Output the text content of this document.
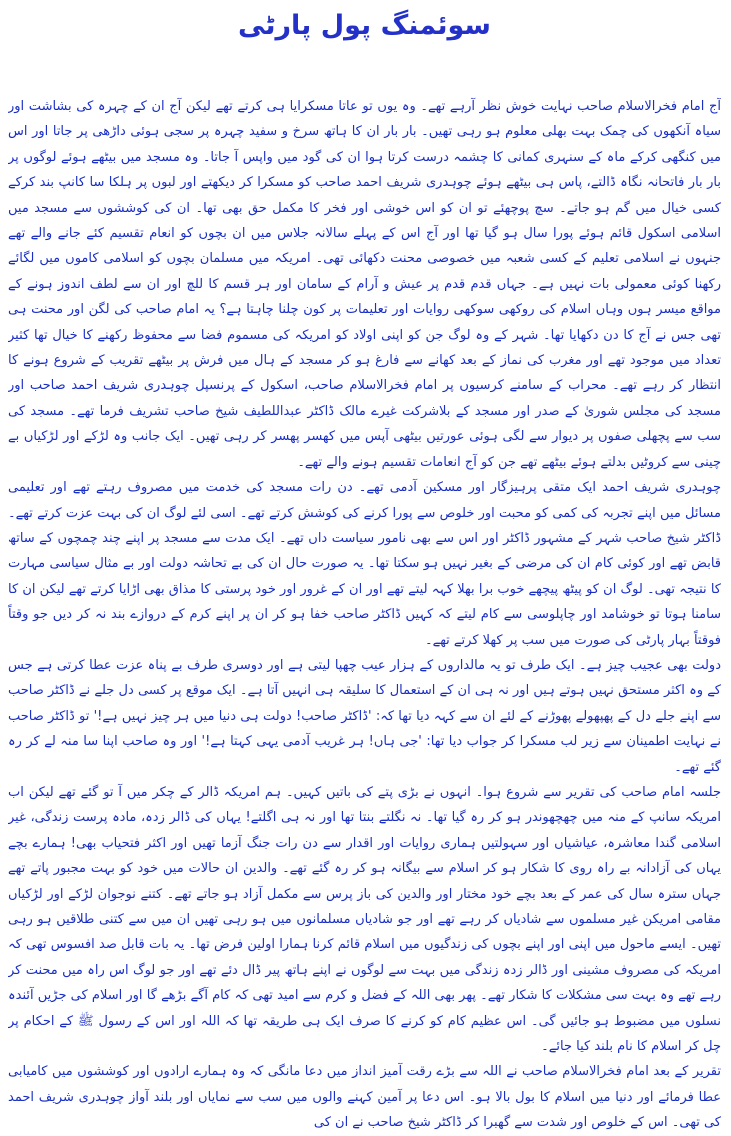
سوئمنگ پول پارٹی

آج امام فخرالاسلام صاحب نہایت خوش نظر آرہے تھے۔ وہ یوں تو عاتا مسکرایا ہی کرتے تھے لیکن آج ان کے چہرہ کی بشاشت اور سیاہ آنکھوں کی چمک بہت بھلی معلوم ہو رہی تھیں۔ بار بار ان کا ہاتھ سرخ و سفید چہرہ پر سجی ہوئی داڑھی پر جاتا اور اس میں کنگھی کرکے ماہ کے سنہری کمانی کا چشمہ درست کرتا ہوا ان کی گود میں واپس آ جاتا۔ وہ مسجد میں بیٹھے ہوئے لوگوں پر بار بار فاتحانہ نگاہ ڈالتے، پاس ہی بیٹھے ہوئے چوہدری شریف احمد صاحب کو مسکرا کر دیکھتے اور لبوں پر ہلکا سا کانپ بند کرکے کسی خیال میں گم ہو جاتے۔ سچ پوچھئے تو ان کو اس خوشی اور فخر کا مکمل حق بھی تھا۔ ان کی کوششوں سے مسجد میں اسلامی اسکول قائم ہوئے پورا سال ہو گیا تھا اور آج اس کے پہلے سالانہ جلاس میں ان بچوں کو انعام تقسیم کئے جانے والے تھے جنہوں نے اسلامی تعلیم کے کسی شعبہ میں خصوصی محنت دکھائی تھی۔ امریکہ میں مسلمان بچوں کو اسلامی کاموں میں لگائے رکھنا کوئی معمولی بات نہیں ہے۔ جہاں قدم قدم پر عیش و آرام کے سامان اور ہر قسم کا للچ اور ان سے لطف اندوز ہونے کے مواقع میسر ہوں وہاں اسلام کی روکھی سوکھی روایات اور تعلیمات پر کون چلنا چاہتا ہے؟ یہ امام صاحب کی لگن اور محنت ہی تھی جس نے آج کا دن دکھایا تھا۔ شہر کے وہ لوگ جن کو اپنی اولاد کو امریکہ کی مسموم فضا سے محفوظ رکھنے کا خیال تھا کثیر تعداد میں موجود تھے اور مغرب کی نماز کے بعد کھانے سے فارغ ہو کر مسجد کے ہال میں فرش پر بیٹھے تقریب کے شروع ہونے کا انتظار کر رہے تھے۔ محراب کے سامنے کرسیوں پر امام فخرالاسلام صاحب، اسکول کے پرنسپل چوہدری شریف احمد صاحب اور مسجد کی مجلس شوریٰ کے صدر اور مسجد کے بلاشرکت غیرے مالک ڈاکٹر عبداللطیف شیخ صاحب تشریف فرما تھے۔ مسجد کی سب سے پچھلی صفوں پر دیوار سے لگی ہوئی عورتیں بیٹھی آپس میں کھسر پھسر کر رہی تھیں۔ ایک جانب وہ لڑکے اور لڑکیاں بے چینی سے کروٹیں بدلتے ہوئے بیٹھے تھے جن کو آج انعامات تقسیم ہونے والے تھے۔

چوہدری شریف احمد ایک متقی پرہیزگار اور مسکین آدمی تھے۔ دن رات مسجد کی خدمت میں مصروف رہتے تھے اور تعلیمی مسائل میں اپنے تجربہ کی کمی کو محبت اور خلوص سے پورا کرنے کی کوشش کرتے تھے۔ اسی لئے لوگ ان کی بہت عزت کرتے تھے۔ ڈاکٹر شیخ صاحب شہر کے مشہور ڈاکٹر اور اس سے بھی نامور سیاست داں تھے۔ ایک مدت سے مسجد پر اپنے چند چمچوں کے ساتھ قابض تھے اور کوئی کام ان کی مرضی کے بغیر نہیں ہو سکتا تھا۔ یہ صورت حال ان کی بے تحاشہ دولت اور بے مثال سیاسی مہارت کا نتیجہ تھی۔ لوگ ان کو پیٹھ پیچھے خوب برا بھلا کہہ لیتے تھے اور ان کے غرور اور خود پرستی کا مذاق بھی اڑایا کرتے تھے لیکن ان کا سامنا ہوتا تو خوشامد اور چاپلوسی سے کام لیتے کہ کہیں ڈاکٹر صاحب خفا ہو کر ان پر اپنے کرم کے دروازے بند نہ کر دیں جو وقتاً فوقتاً بہار پارٹی کی صورت میں سب پر کھلا کرتے تھے۔

دولت بھی عجیب چیز ہے۔ ایک طرف تو یہ مالداروں کے ہزار عیب چھپا لیتی ہے اور دوسری طرف بے پناہ عزت عطا کرتی ہے جس کے وہ اکثر مستحق نہیں ہوتے ہیں اور نہ ہی ان کے استعمال کا سلیقہ ہی انہیں آتا ہے۔ ایک موقع پر کسی دل جلے نے ڈاکٹر صاحب سے اپنے جلے دل کے پھپھولے پھوڑنے کے لئے ان سے کہہ دیا تھا کہ: 'ڈاکٹر صاحب! دولت ہی دنیا میں ہر چیز نہیں ہے!' تو ڈاکٹر صاحب نے نہایت اطمینان سے زیر لب مسکرا کر جواب دیا تھا: 'جی ہاں! ہر غریب آدمی یہی کہتا ہے!' اور وہ صاحب اپنا سا منہ لے کر رہ گئے تھے۔

جلسہ امام صاحب کی تقریر سے شروع ہوا۔ انہوں نے بڑی پتے کی باتیں کہیں۔ ہم امریکہ ڈالر کے چکر میں آ تو گئے تھے لیکن اب امریکہ سانپ کے منہ میں چھچھوندر ہو کر رہ گیا تھا۔ نہ نگلتے بنتا تھا اور نہ ہی اگلتے! یہاں کی ڈالر زدہ، مادہ پرست زندگی، غیر اسلامی گندا معاشرہ، عیاشیاں اور سہولتیں ہماری روایات اور اقدار سے دن رات جنگ آزما تھیں اور اکثر فتحیاب بھی! ہمارے بچے یہاں کی آزادانہ بے راہ روی کا شکار ہو کر اسلام سے بیگانہ ہو کر رہ گئے تھے۔ والدین ان حالات میں خود کو بہت مجبور پاتے تھے جہاں سترہ سال کی عمر کے بعد بچے خود مختار اور والدین کی باز پرس سے مکمل آزاد ہو جاتے تھے۔ کتنے نوجوان لڑکے اور لڑکیاں مقامی امریکن غیر مسلموں سے شادیاں کر رہے تھے اور جو شادیاں مسلمانوں میں ہو رہی تھیں ان میں سے کتنی طلاقیں ہو رہی تھیں۔ ایسے ماحول میں اپنی اور اپنے بچوں کی زندگیوں میں اسلام قائم کرنا ہمارا اولین فرض تھا۔ یہ بات قابل صد افسوس تھی کہ امریکہ کی مصروف مشینی اور ڈالر زدہ زندگی میں بہت سے لوگوں نے اپنے ہاتھ پیر ڈال دئے تھے اور جو لوگ اس راہ میں محنت کر رہے تھے وہ بہت سی مشکلات کا شکار تھے۔ پھر بھی اللہ کے فضل و کرم سے امید تھی کہ کام آگے بڑھے گا اور اسلام کی جڑیں آئندہ نسلوں میں مضبوط ہو جائیں گی۔ اس عظیم کام کو کرنے کا صرف ایک ہی طریقہ تھا کہ اللہ اور اس کے رسول ﷺ کے احکام پر چل کر اسلام کا نام بلند کیا جائے۔

تقریر کے بعد امام فخرالاسلام صاحب نے اللہ سے بڑے رقت آمیز انداز میں دعا مانگی کہ وہ ہمارے ارادوں اور کوششوں میں کامیابی عطا فرمائے اور دنیا میں اسلام کا بول بالا ہو۔ اس دعا پر آمین کہنے والوں میں سب سے نمایاں اور بلند آواز چوہدری شریف احمد کی تھی۔ اس کے خلوص اور شدت سے گھبرا کر ڈاکٹر شیخ صاحب نے ان کی
